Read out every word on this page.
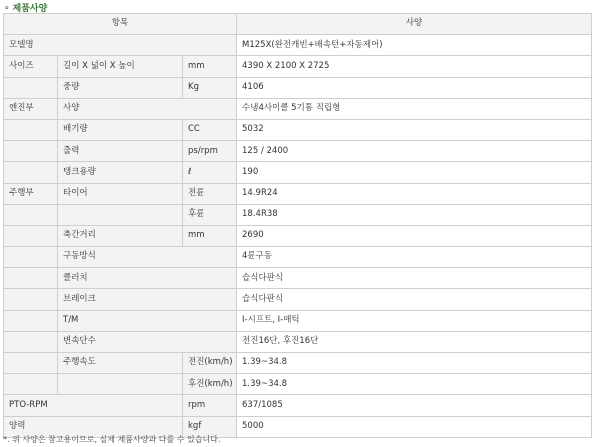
⚬ 제품사양
항목			사양
모델명			M125X(완전캐빈+배속턴+자동제어)
사이즈	길이 X 넓이 X 높이	mm	4390 X 2100 X 2725
	중량	Kg	4106
엔진부	사양		수냉4사이클 5기통 직립형
	배기량	CC	5032
	출력	ps/rpm	125 / 2400
	탱크용량	ℓ	190
주행부	타이어	전륜	14.9R24
		후륜	18.4R38
	축간거리	mm	2690
	구동방식		4륜구동
	클러치		습식다판식
	브레이크		습식다판식
	T/M		I-시프트, I-매틱
	변속단수		전진16단, 후진16단
	주행속도	전진(km/h)	1.39~34.8
		후진(km/h)	1.39~34.8
PTO-RPM		rpm	637/1085
양력		kgf	5000
*. 위 사양은 참고용이므로, 실제 제품사양과 다를 수 있습니다.
